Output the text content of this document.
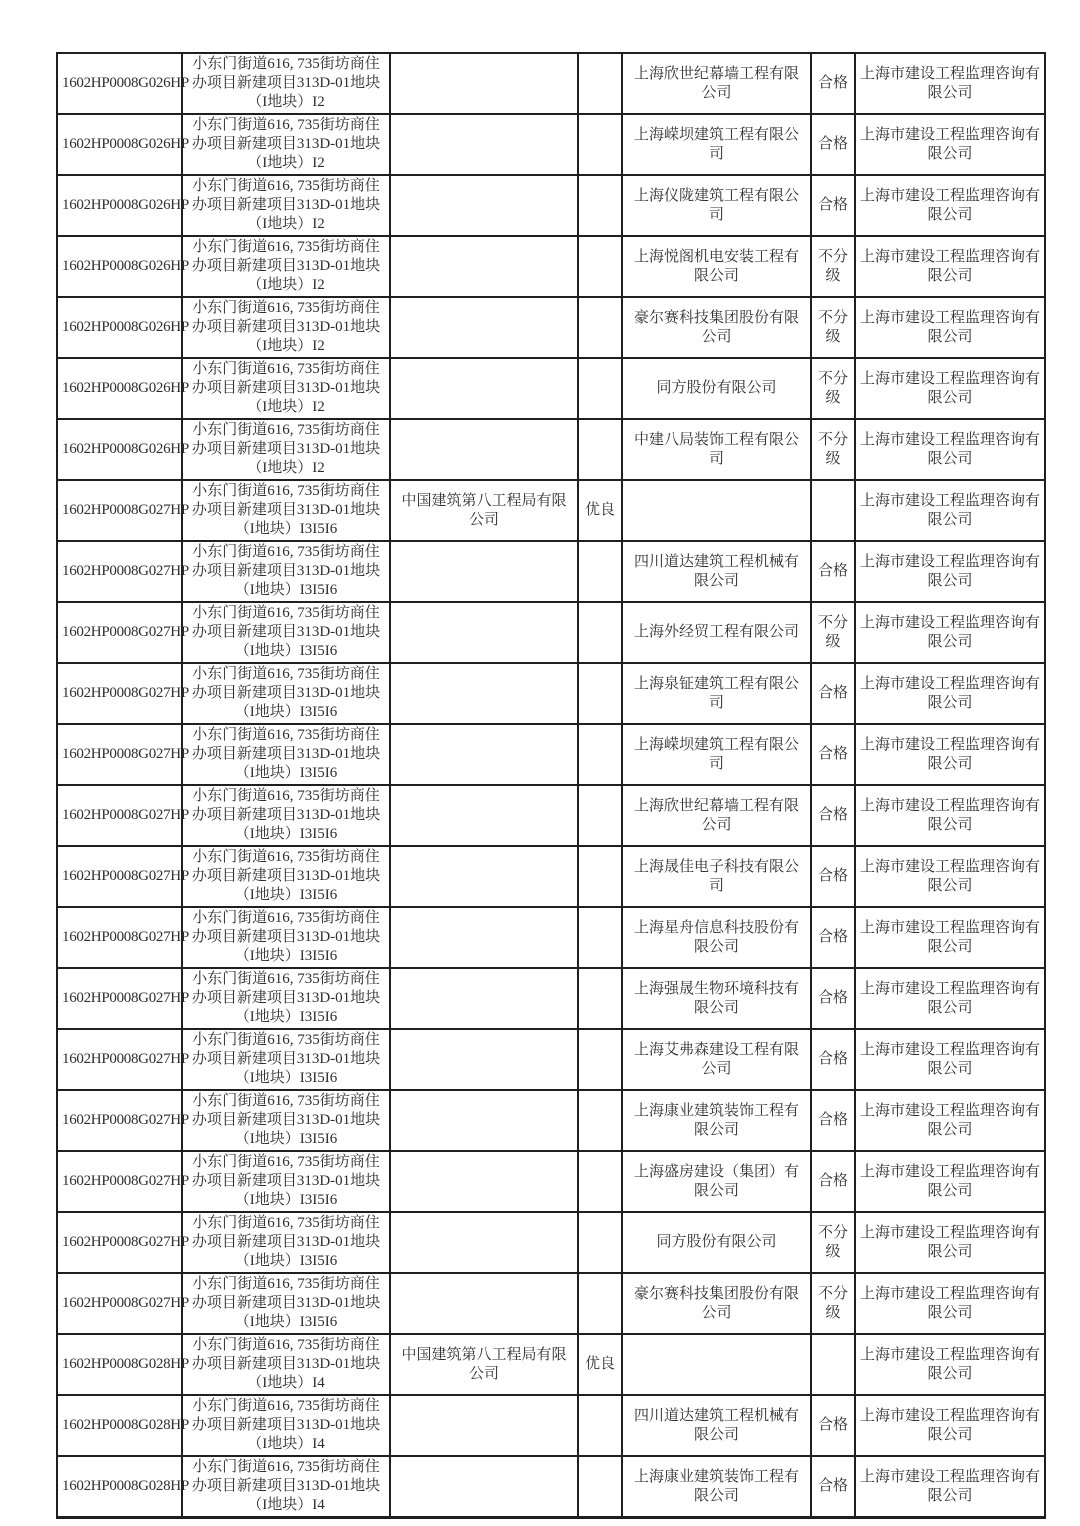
1602HP0008G026HP	小东门街道616, 735街坊商住办项目新建项目313D-01地块（I地块）I2			上海欣世纪幕墙工程有限公司	合格	上海市建设工程监理咨询有限公司
1602HP0008G026HP	小东门街道616, 735街坊商住办项目新建项目313D-01地块（I地块）I2			上海嵘坝建筑工程有限公司	合格	上海市建设工程监理咨询有限公司
1602HP0008G026HP	小东门街道616, 735街坊商住办项目新建项目313D-01地块（I地块）I2			上海仪陇建筑工程有限公司	合格	上海市建设工程监理咨询有限公司
1602HP0008G026HP	小东门街道616, 735街坊商住办项目新建项目313D-01地块（I地块）I2			上海悦阁机电安装工程有限公司	不分级	上海市建设工程监理咨询有限公司
1602HP0008G026HP	小东门街道616, 735街坊商住办项目新建项目313D-01地块（I地块）I2			豪尔赛科技集团股份有限公司	不分级	上海市建设工程监理咨询有限公司
1602HP0008G026HP	小东门街道616, 735街坊商住办项目新建项目313D-01地块（I地块）I2			同方股份有限公司	不分级	上海市建设工程监理咨询有限公司
1602HP0008G026HP	小东门街道616, 735街坊商住办项目新建项目313D-01地块（I地块）I2			中建八局装饰工程有限公司	不分级	上海市建设工程监理咨询有限公司
1602HP0008G027HP	小东门街道616, 735街坊商住办项目新建项目313D-01地块（I地块）I3I5I6	中国建筑第八工程局有限公司	优良			上海市建设工程监理咨询有限公司
1602HP0008G027HP	小东门街道616, 735街坊商住办项目新建项目313D-01地块（I地块）I3I5I6			四川道达建筑工程机械有限公司	合格	上海市建设工程监理咨询有限公司
1602HP0008G027HP	小东门街道616, 735街坊商住办项目新建项目313D-01地块（I地块）I3I5I6			上海外经贸工程有限公司	不分级	上海市建设工程监理咨询有限公司
1602HP0008G027HP	小东门街道616, 735街坊商住办项目新建项目313D-01地块（I地块）I3I5I6			上海泉钲建筑工程有限公司	合格	上海市建设工程监理咨询有限公司
1602HP0008G027HP	小东门街道616, 735街坊商住办项目新建项目313D-01地块（I地块）I3I5I6			上海嵘坝建筑工程有限公司	合格	上海市建设工程监理咨询有限公司
1602HP0008G027HP	小东门街道616, 735街坊商住办项目新建项目313D-01地块（I地块）I3I5I6			上海欣世纪幕墙工程有限公司	合格	上海市建设工程监理咨询有限公司
1602HP0008G027HP	小东门街道616, 735街坊商住办项目新建项目313D-01地块（I地块）I3I5I6			上海晟佳电子科技有限公司	合格	上海市建设工程监理咨询有限公司
1602HP0008G027HP	小东门街道616, 735街坊商住办项目新建项目313D-01地块（I地块）I3I5I6			上海星舟信息科技股份有限公司	合格	上海市建设工程监理咨询有限公司
1602HP0008G027HP	小东门街道616, 735街坊商住办项目新建项目313D-01地块（I地块）I3I5I6			上海强晟生物环境科技有限公司	合格	上海市建设工程监理咨询有限公司
1602HP0008G027HP	小东门街道616, 735街坊商住办项目新建项目313D-01地块（I地块）I3I5I6			上海艾弗森建设工程有限公司	合格	上海市建设工程监理咨询有限公司
1602HP0008G027HP	小东门街道616, 735街坊商住办项目新建项目313D-01地块（I地块）I3I5I6			上海康业建筑装饰工程有限公司	合格	上海市建设工程监理咨询有限公司
1602HP0008G027HP	小东门街道616, 735街坊商住办项目新建项目313D-01地块（I地块）I3I5I6			上海盛房建设（集团）有限公司	合格	上海市建设工程监理咨询有限公司
1602HP0008G027HP	小东门街道616, 735街坊商住办项目新建项目313D-01地块（I地块）I3I5I6			同方股份有限公司	不分级	上海市建设工程监理咨询有限公司
1602HP0008G027HP	小东门街道616, 735街坊商住办项目新建项目313D-01地块（I地块）I3I5I6			豪尔赛科技集团股份有限公司	不分级	上海市建设工程监理咨询有限公司
1602HP0008G028HP	小东门街道616, 735街坊商住办项目新建项目313D-01地块（I地块）I4	中国建筑第八工程局有限公司	优良			上海市建设工程监理咨询有限公司
1602HP0008G028HP	小东门街道616, 735街坊商住办项目新建项目313D-01地块（I地块）I4			四川道达建筑工程机械有限公司	合格	上海市建设工程监理咨询有限公司
1602HP0008G028HP	小东门街道616, 735街坊商住办项目新建项目313D-01地块（I地块）I4			上海康业建筑装饰工程有限公司	合格	上海市建设工程监理咨询有限公司
